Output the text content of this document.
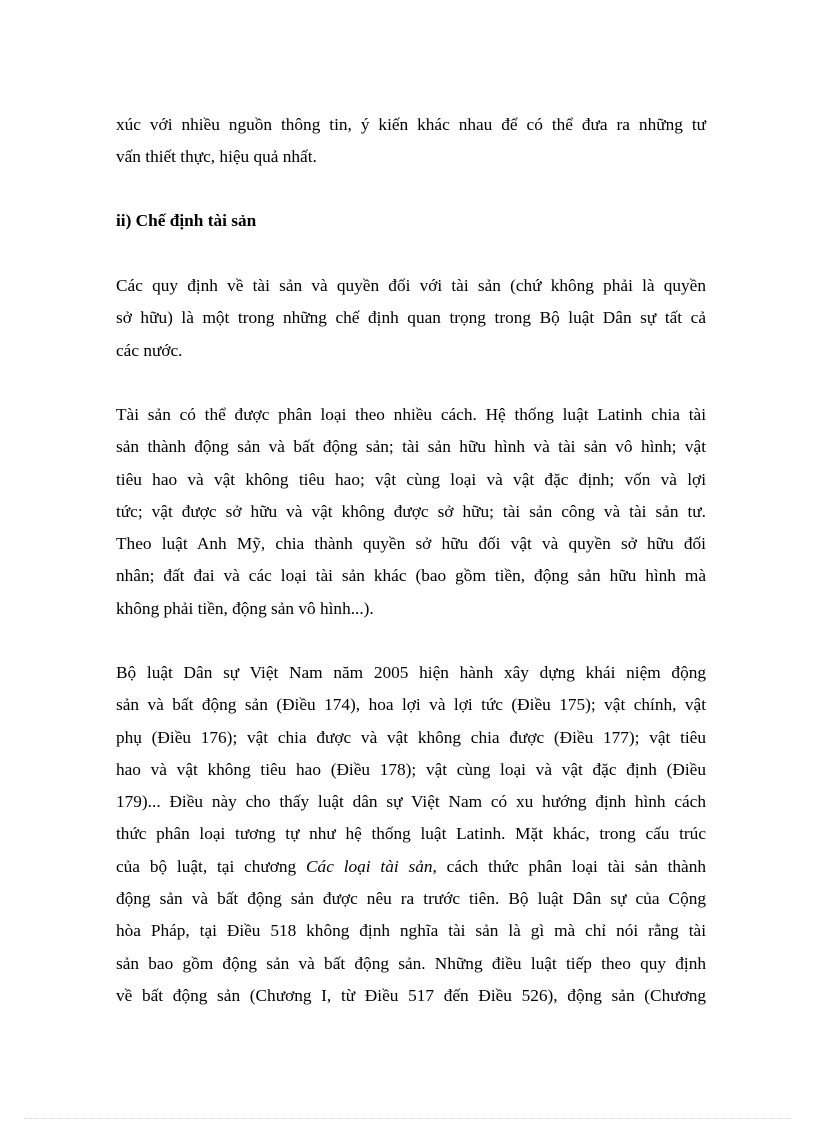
xúc với nhiều nguồn thông tin, ý kiến khác nhau để có thể đưa ra những tư
vấn thiết thực, hiệu quả nhất.
ii) Chế định tài sản
Các quy định về tài sản và quyền đối với tài sản (chứ không phải là quyền
sở hữu) là một trong những chế định quan trọng trong Bộ luật Dân sự tất cả
các nước.
Tài sản có thể được phân loại theo nhiều cách. Hệ thống luật Latinh chia tài
sản thành động sản và bất động sản; tài sản hữu hình và tài sản vô hình; vật
tiêu hao và vật không tiêu hao; vật cùng loại và vật đặc định; vốn và lợi
tức; vật được sở hữu và vật không được sở hữu; tài sản công và tài sản tư.
Theo luật Anh Mỹ, chia thành quyền sở hữu đối vật và quyền sở hữu đối
nhân; đất đai và các loại tài sản khác (bao gồm tiền, động sản hữu hình mà
không phải tiền, động sản vô hình...).
Bộ luật Dân sự Việt Nam năm 2005 hiện hành xây dựng khái niệm động
sản và bất động sản (Điều 174), hoa lợi và lợi tức (Điều 175); vật chính, vật
phụ (Điều 176); vật chia được và vật không chia được (Điều 177); vật tiêu
hao và vật không tiêu hao (Điều 178); vật cùng loại và vật đặc định (Điều
179)... Điều này cho thấy luật dân sự Việt Nam có xu hướng định hình cách
thức phân loại tương tự như hệ thống luật Latinh. Mặt khác, trong cấu trúc
của bộ luật, tại chương Các loại tài sản, cách thức phân loại tài sản thành
động sản và bất động sản được nêu ra trước tiên. Bộ luật Dân sự của Cộng
hòa Pháp, tại Điều 518 không định nghĩa tài sản là gì mà chỉ nói rằng tài
sản bao gồm động sản và bất động sản. Những điều luật tiếp theo quy định
về bất động sản (Chương I, từ Điều 517 đến Điều 526), động sản (Chương
